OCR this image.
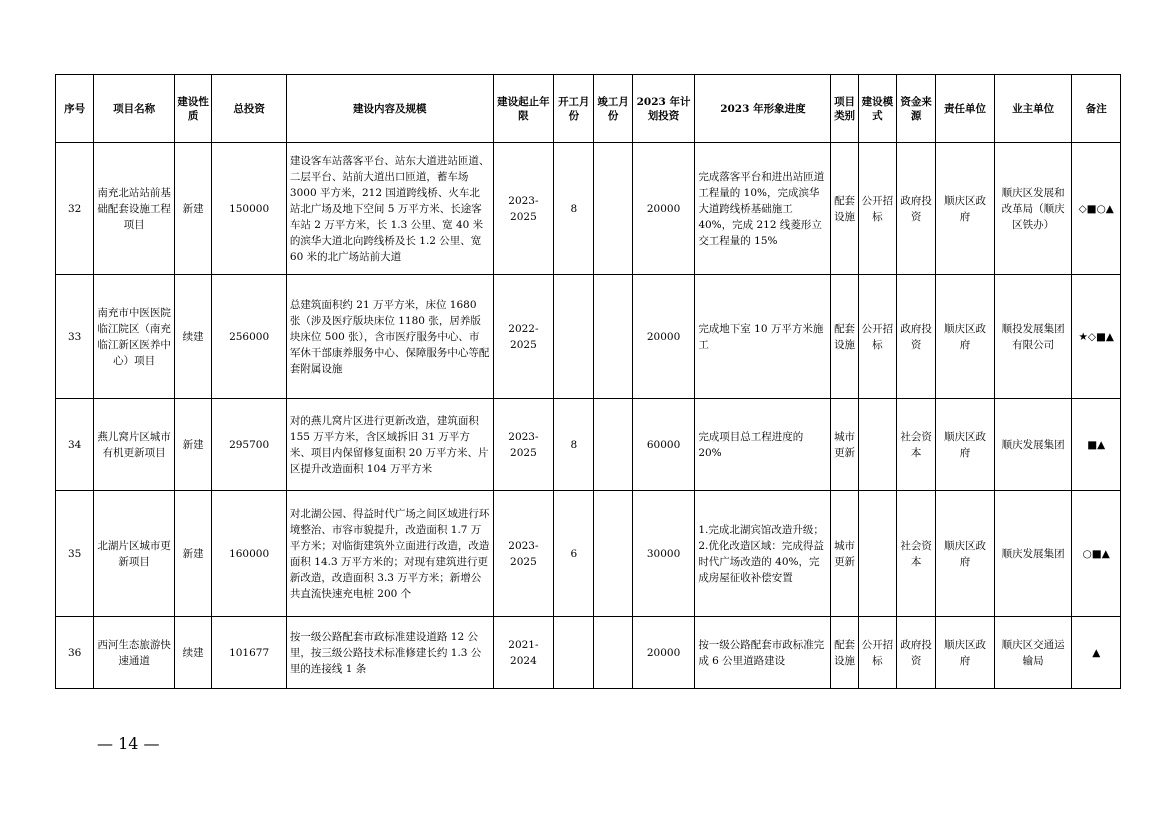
序号	项目名称	建设性质	总投资	建设内容及规模	建设起止年限	开工月份	竣工月份	2023 年计划投资	2023 年形象进度	项目类别	建设模式	资金来源	责任单位	业主单位	备注
32	南充北站站前基础配套设施工程项目	新建	150000	建设客车站落客平台、站东大道进站匝道、二层平台、站前大道出口匝道，蓄车场 3000 平方米，212 国道跨线桥、火车北站北广场及地下空间 5 万平方米、长途客车站 2 万平方米，长 1.3 公里、宽 40 米的滨华大道北向跨线桥及长 1.2 公里、宽 60 米的北广场站前大道	2023-2025	8		20000	完成落客平台和进出站匝道工程量的 10%，完成滨华大道跨线桥基础施工 40%，完成 212 线菱形立交工程量的 15%	配套设施	公开招标	政府投资	顺庆区政府	顺庆区发展和改革局（顺庆区铁办）	◇■○▲
33	南充市中医医院临江院区（南充临江新区医养中心）项目	续建	256000	总建筑面积约 21 万平方米，床位 1680 张（涉及医疗版块床位 1180 张，居养版块床位 500 张），含市医疗服务中心、市军休干部康养服务中心、保障服务中心等配套附属设施	2022-2025			20000	完成地下室 10 万平方米施工	配套设施	公开招标	政府投资	顺庆区政府	顺投发展集团有限公司	★◇■▲
34	燕儿窝片区城市有机更新项目	新建	295700	对的燕儿窝片区进行更新改造，建筑面积 155 万平方米，含区域拆旧 31 万平方米、项目内保留修复面积 20 万平方米、片区提升改造面积 104 万平方米	2023-2025	8		60000	完成项目总工程进度的 20%	城市更新		社会资本	顺庆区政府	顺庆发展集团	■▲
35	北湖片区城市更新项目	新建	160000	对北湖公园、得益时代广场之间区域进行环境整治、市容市貌提升，改造面积 1.7 万平方米；对临街建筑外立面进行改造，改造面积 14.3 万平方米的；对现有建筑进行更新改造，改造面积 3.3 万平方米；新增公共直流快速充电桩 200 个	2023-2025	6		30000	1.完成北湖宾馆改造升级；2.优化改造区域：完成得益时代广场改造的 40%，完成房屋征收补偿安置	城市更新		社会资本	顺庆区政府	顺庆发展集团	○■▲
36	西河生态旅游快速通道	续建	101677	按一级公路配套市政标准建设道路 12 公里，按三级公路技术标准修建长约 1.3 公里的连接线 1 条	2021-2024			20000	按一级公路配套市政标准完成 6 公里道路建设	配套设施	公开招标	政府投资	顺庆区政府	顺庆区交通运输局	▲
— 14 —
